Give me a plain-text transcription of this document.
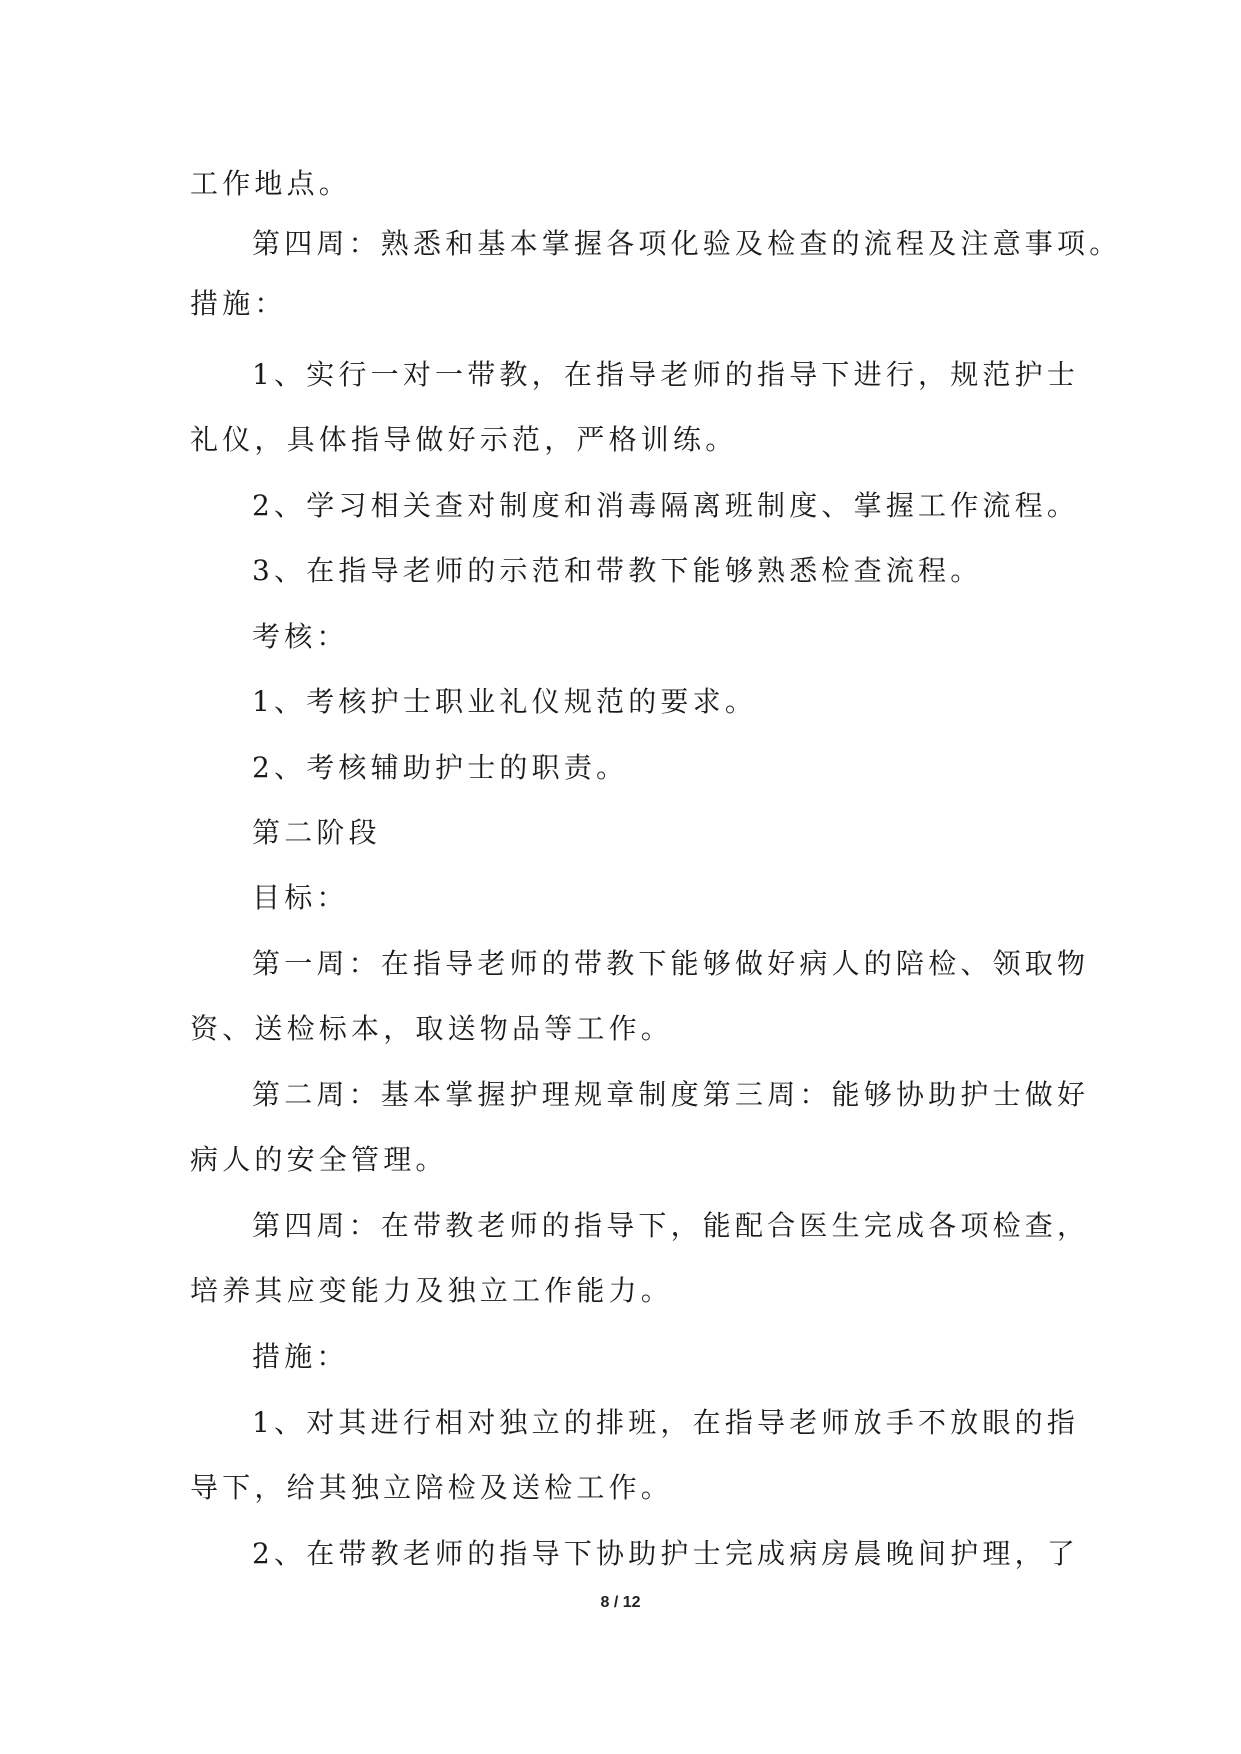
工作地点。
第四周：熟悉和基本掌握各项化验及检查的流程及注意事项。
措施：
1、实行一对一带教，在指导老师的指导下进行，规范护士
礼仪，具体指导做好示范，严格训练。
2、学习相关查对制度和消毒隔离班制度、掌握工作流程。
3、在指导老师的示范和带教下能够熟悉检查流程。
考核：
1、考核护士职业礼仪规范的要求。
2、考核辅助护士的职责。
第二阶段
目标：
第一周：在指导老师的带教下能够做好病人的陪检、领取物
资、送检标本，取送物品等工作。
第二周：基本掌握护理规章制度第三周：能够协助护士做好
病人的安全管理。
第四周：在带教老师的指导下，能配合医生完成各项检查，
培养其应变能力及独立工作能力。
措施：
1、对其进行相对独立的排班，在指导老师放手不放眼的指
导下，给其独立陪检及送检工作。
2、在带教老师的指导下协助护士完成病房晨晚间护理，了
8 / 12
